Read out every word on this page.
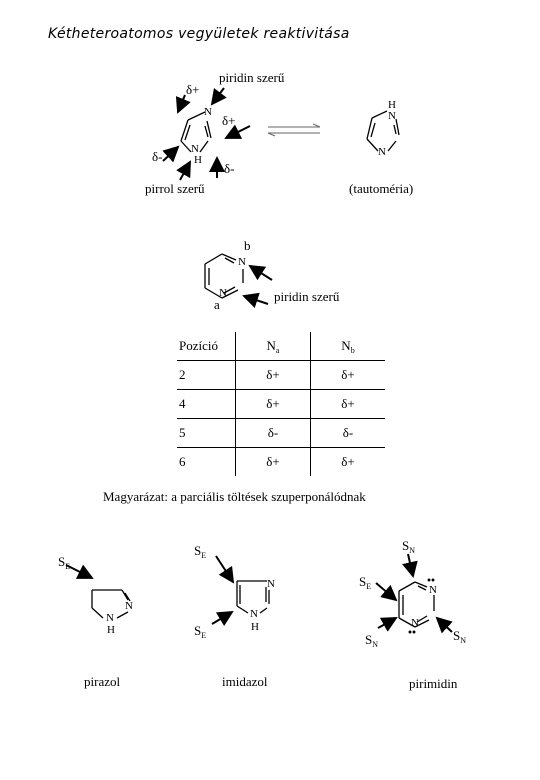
Kétheteroatomos vegyületek reaktivitása
δ+
piridin szerű
N
δ+
N
H
δ-
δ-
pirrol szerű
H
N
N
(tautoméria)
b
N
N
a
piridin szerű
Pozíció	$N_a$	$N_b$
2	δ+	δ+
4	δ+	δ+
5	δ-	δ-
6	δ+	δ+
Magyarázat: a parciális töltések szuperponálódnak
$S_E$
N
N
H
pirazol
$S_E$
N
N
H
$S_E$
imidazol
$S_N$
$S_E$	N
N
$S_N$
$S_N$
pirimidin
